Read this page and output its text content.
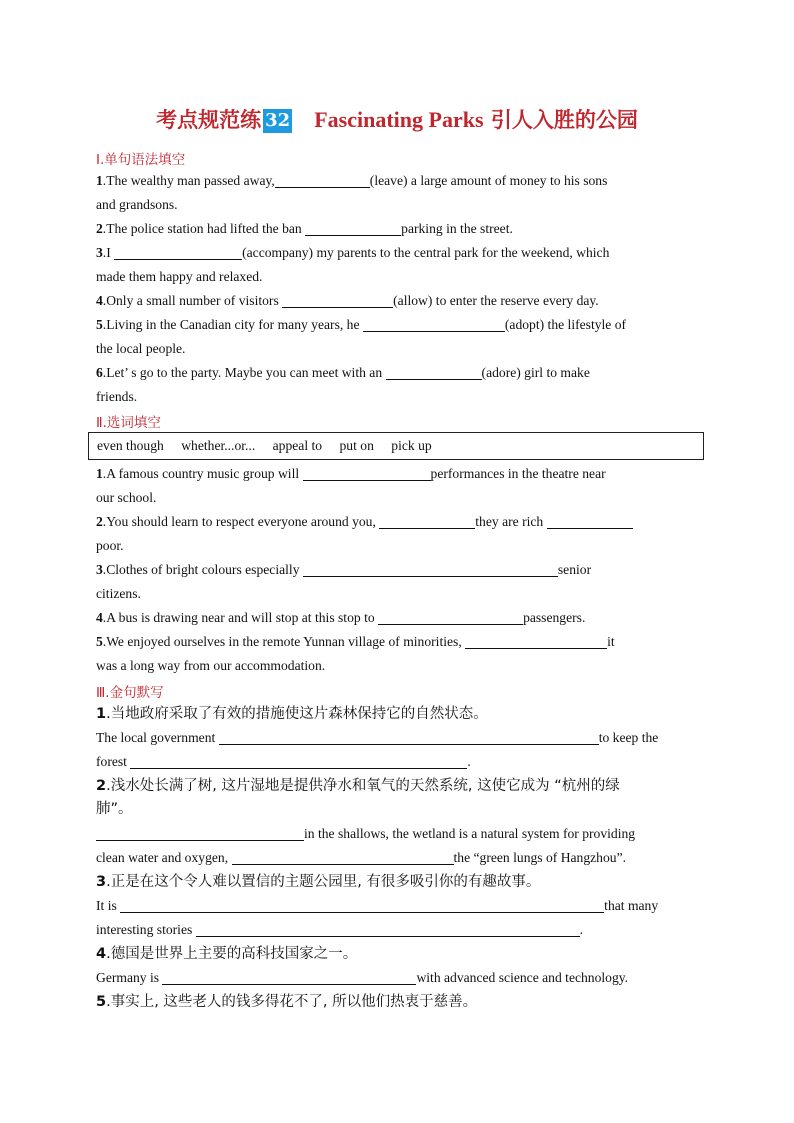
考点规范练 32 Fascinating Parks 引人入胜的公园
Ⅰ.单句语法填空
1.The wealthy man passed away,	(leave) a large amount of money to his sons
and grandsons.
2.The police station had lifted the ban	parking in the street.
3.I	(accompany) my parents to the central park for the weekend, which
made them happy and relaxed.
4.Only a small number of visitors	(allow) to enter the reserve every day.
5.Living in the Canadian city for many years, he	(adopt) the lifestyle of
the local people.
6.Let’ s go to the party. Maybe you can meet with an	(adore) girl to make
friends.
Ⅱ.选词填空
even though whether...or... appeal to put on pick up
1.A famous country music group will	performances in the theatre near
our school.
2.You should learn to respect everyone around you,	they are rich
poor.
3.Clothes of bright colours especially	senior
citizens.
4.A bus is drawing near and will stop at this stop to	passengers.
5.We enjoyed ourselves in the remote Yunnan village of minorities,	it
was a long way from our accommodation.
Ⅲ.金句默写
1.当地政府采取了有效的措施使这片森林保持它的自然状态。
The local government	to keep the
forest	.
2.浅水处长满了树, 这片湿地是提供净水和氧气的天然系统, 这使它成为 “杭州的绿
肺”。
in the shallows, the wetland is a natural system for providing
clean water and oxygen,	the “green lungs of Hangzhou”.
3.正是在这个令人难以置信的主题公园里, 有很多吸引你的有趣故事。
It is	that many
interesting stories	.
4.德国是世界上主要的高科技国家之一。
Germany is	with advanced science and technology.
5.事实上, 这些老人的钱多得花不了, 所以他们热衷于慈善。
